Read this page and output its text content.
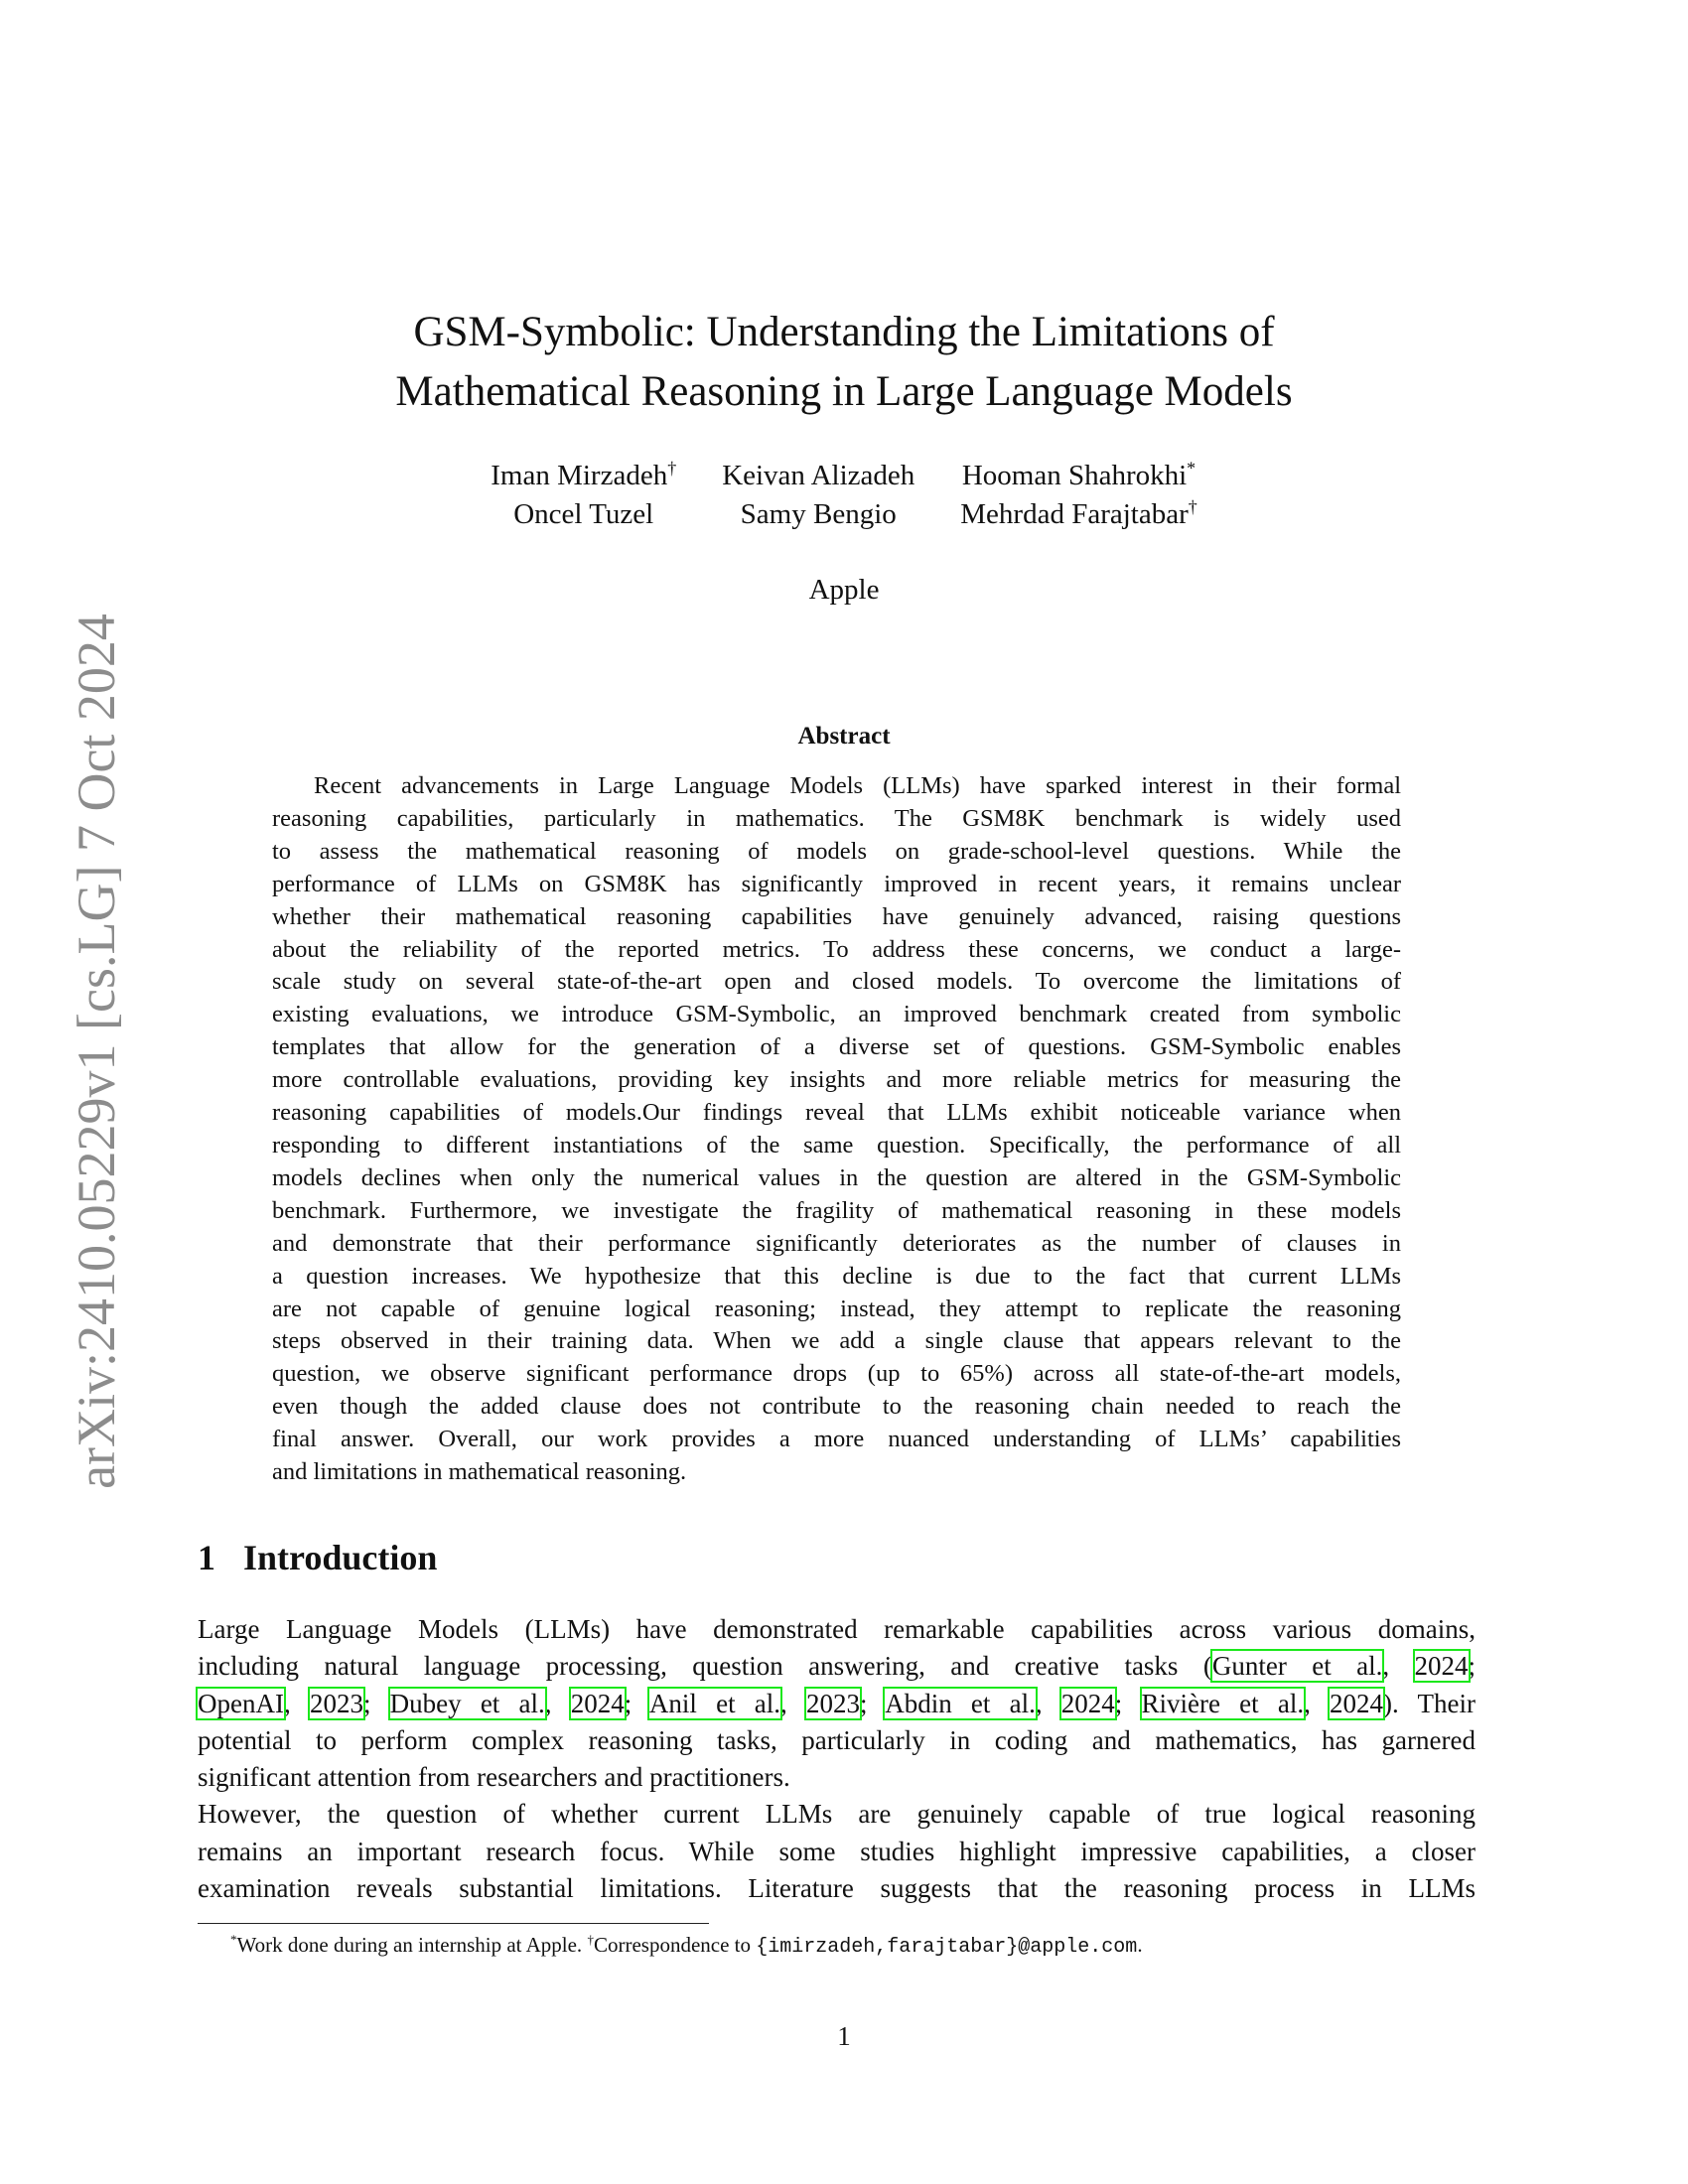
arXiv:2410.05229v1 [cs.LG] 7 Oct 2024
GSM-Symbolic: Understanding the Limitations of
Mathematical Reasoning in Large Language Models
Iman Mirzadeh†
Oncel Tuzel
Keivan Alizadeh
Samy Bengio
Hooman Shahrokhi*
Mehrdad Farajtabar†
Apple
Abstract
Recent advancements in Large Language Models (LLMs) have sparked interest in their formal
reasoning capabilities, particularly in mathematics. The GSM8K benchmark is widely used
to assess the mathematical reasoning of models on grade-school-level questions. While the
performance of LLMs on GSM8K has significantly improved in recent years, it remains unclear
whether their mathematical reasoning capabilities have genuinely advanced, raising questions
about the reliability of the reported metrics. To address these concerns, we conduct a large-
scale study on several state-of-the-art open and closed models. To overcome the limitations of
existing evaluations, we introduce GSM-Symbolic, an improved benchmark created from symbolic
templates that allow for the generation of a diverse set of questions. GSM-Symbolic enables
more controllable evaluations, providing key insights and more reliable metrics for measuring the
reasoning capabilities of models.Our findings reveal that LLMs exhibit noticeable variance when
responding to different instantiations of the same question. Specifically, the performance of all
models declines when only the numerical values in the question are altered in the GSM-Symbolic
benchmark. Furthermore, we investigate the fragility of mathematical reasoning in these models
and demonstrate that their performance significantly deteriorates as the number of clauses in
a question increases. We hypothesize that this decline is due to the fact that current LLMs
are not capable of genuine logical reasoning; instead, they attempt to replicate the reasoning
steps observed in their training data. When we add a single clause that appears relevant to the
question, we observe significant performance drops (up to 65%) across all state-of-the-art models,
even though the added clause does not contribute to the reasoning chain needed to reach the
final answer. Overall, our work provides a more nuanced understanding of LLMs’ capabilities
and limitations in mathematical reasoning.
1 Introduction
Large Language Models (LLMs) have demonstrated remarkable capabilities across various domains,
including natural language processing, question answering, and creative tasks (Gunter et al., 2024;
OpenAI, 2023; Dubey et al., 2024; Anil et al., 2023; Abdin et al., 2024; Rivière et al., 2024). Their
potential to perform complex reasoning tasks, particularly in coding and mathematics, has garnered
significant attention from researchers and practitioners.
However, the question of whether current LLMs are genuinely capable of true logical reasoning
remains an important research focus. While some studies highlight impressive capabilities, a closer
examination reveals substantial limitations. Literature suggests that the reasoning process in LLMs
*Work done during an internship at Apple. †Correspondence to {imirzadeh,farajtabar}@apple.com.
1
